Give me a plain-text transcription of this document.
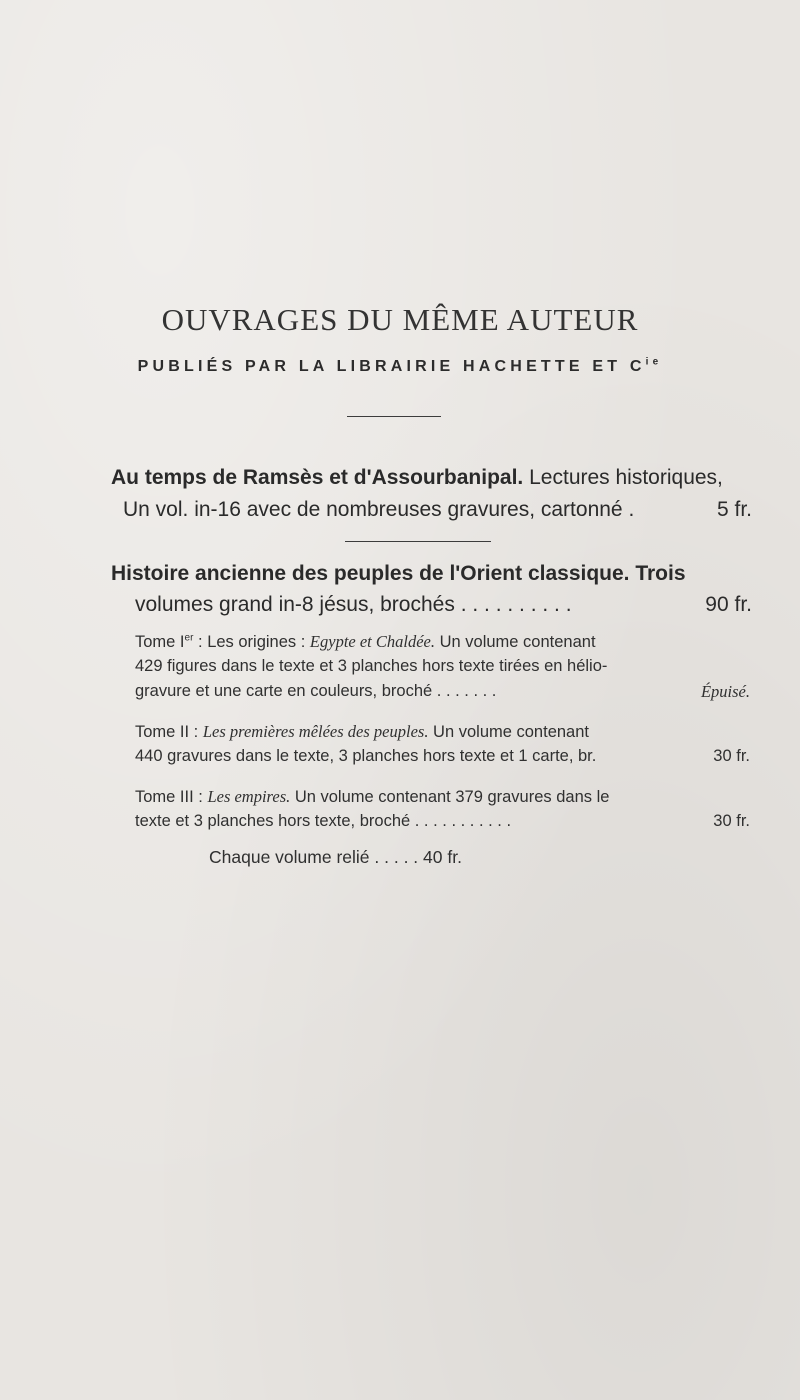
OUVRAGES DU MÊME AUTEUR
PUBLIÉS PAR LA LIBRAIRIE HACHETTE ET $C^{ie}$
Au temps de Ramsès et d'Assourbanipal. Lectures historiques,
Un vol. in-16 avec de nombreuses gravures, cartonné .	5 fr.
Histoire ancienne des peuples de l'Orient classique. Trois
volumes grand in-8 jésus, brochés . . . . . . . . . .	90 fr.
Tome Ier : Les origines : Egypte et Chaldée. Un volume contenant
429 figures dans le texte et 3 planches hors texte tirées en hélio-
gravure et une carte en couleurs, broché . . . . . . .	Épuisé.
Tome II : Les premières mêlées des peuples. Un volume contenant
440 gravures dans le texte, 3 planches hors texte et 1 carte, br.	30 fr.
Tome III : Les empires. Un volume contenant 379 gravures dans le
texte et 3 planches hors texte, broché . . . . . . . . . . .	30 fr.
Chaque volume relié . . . . . 40 fr.
